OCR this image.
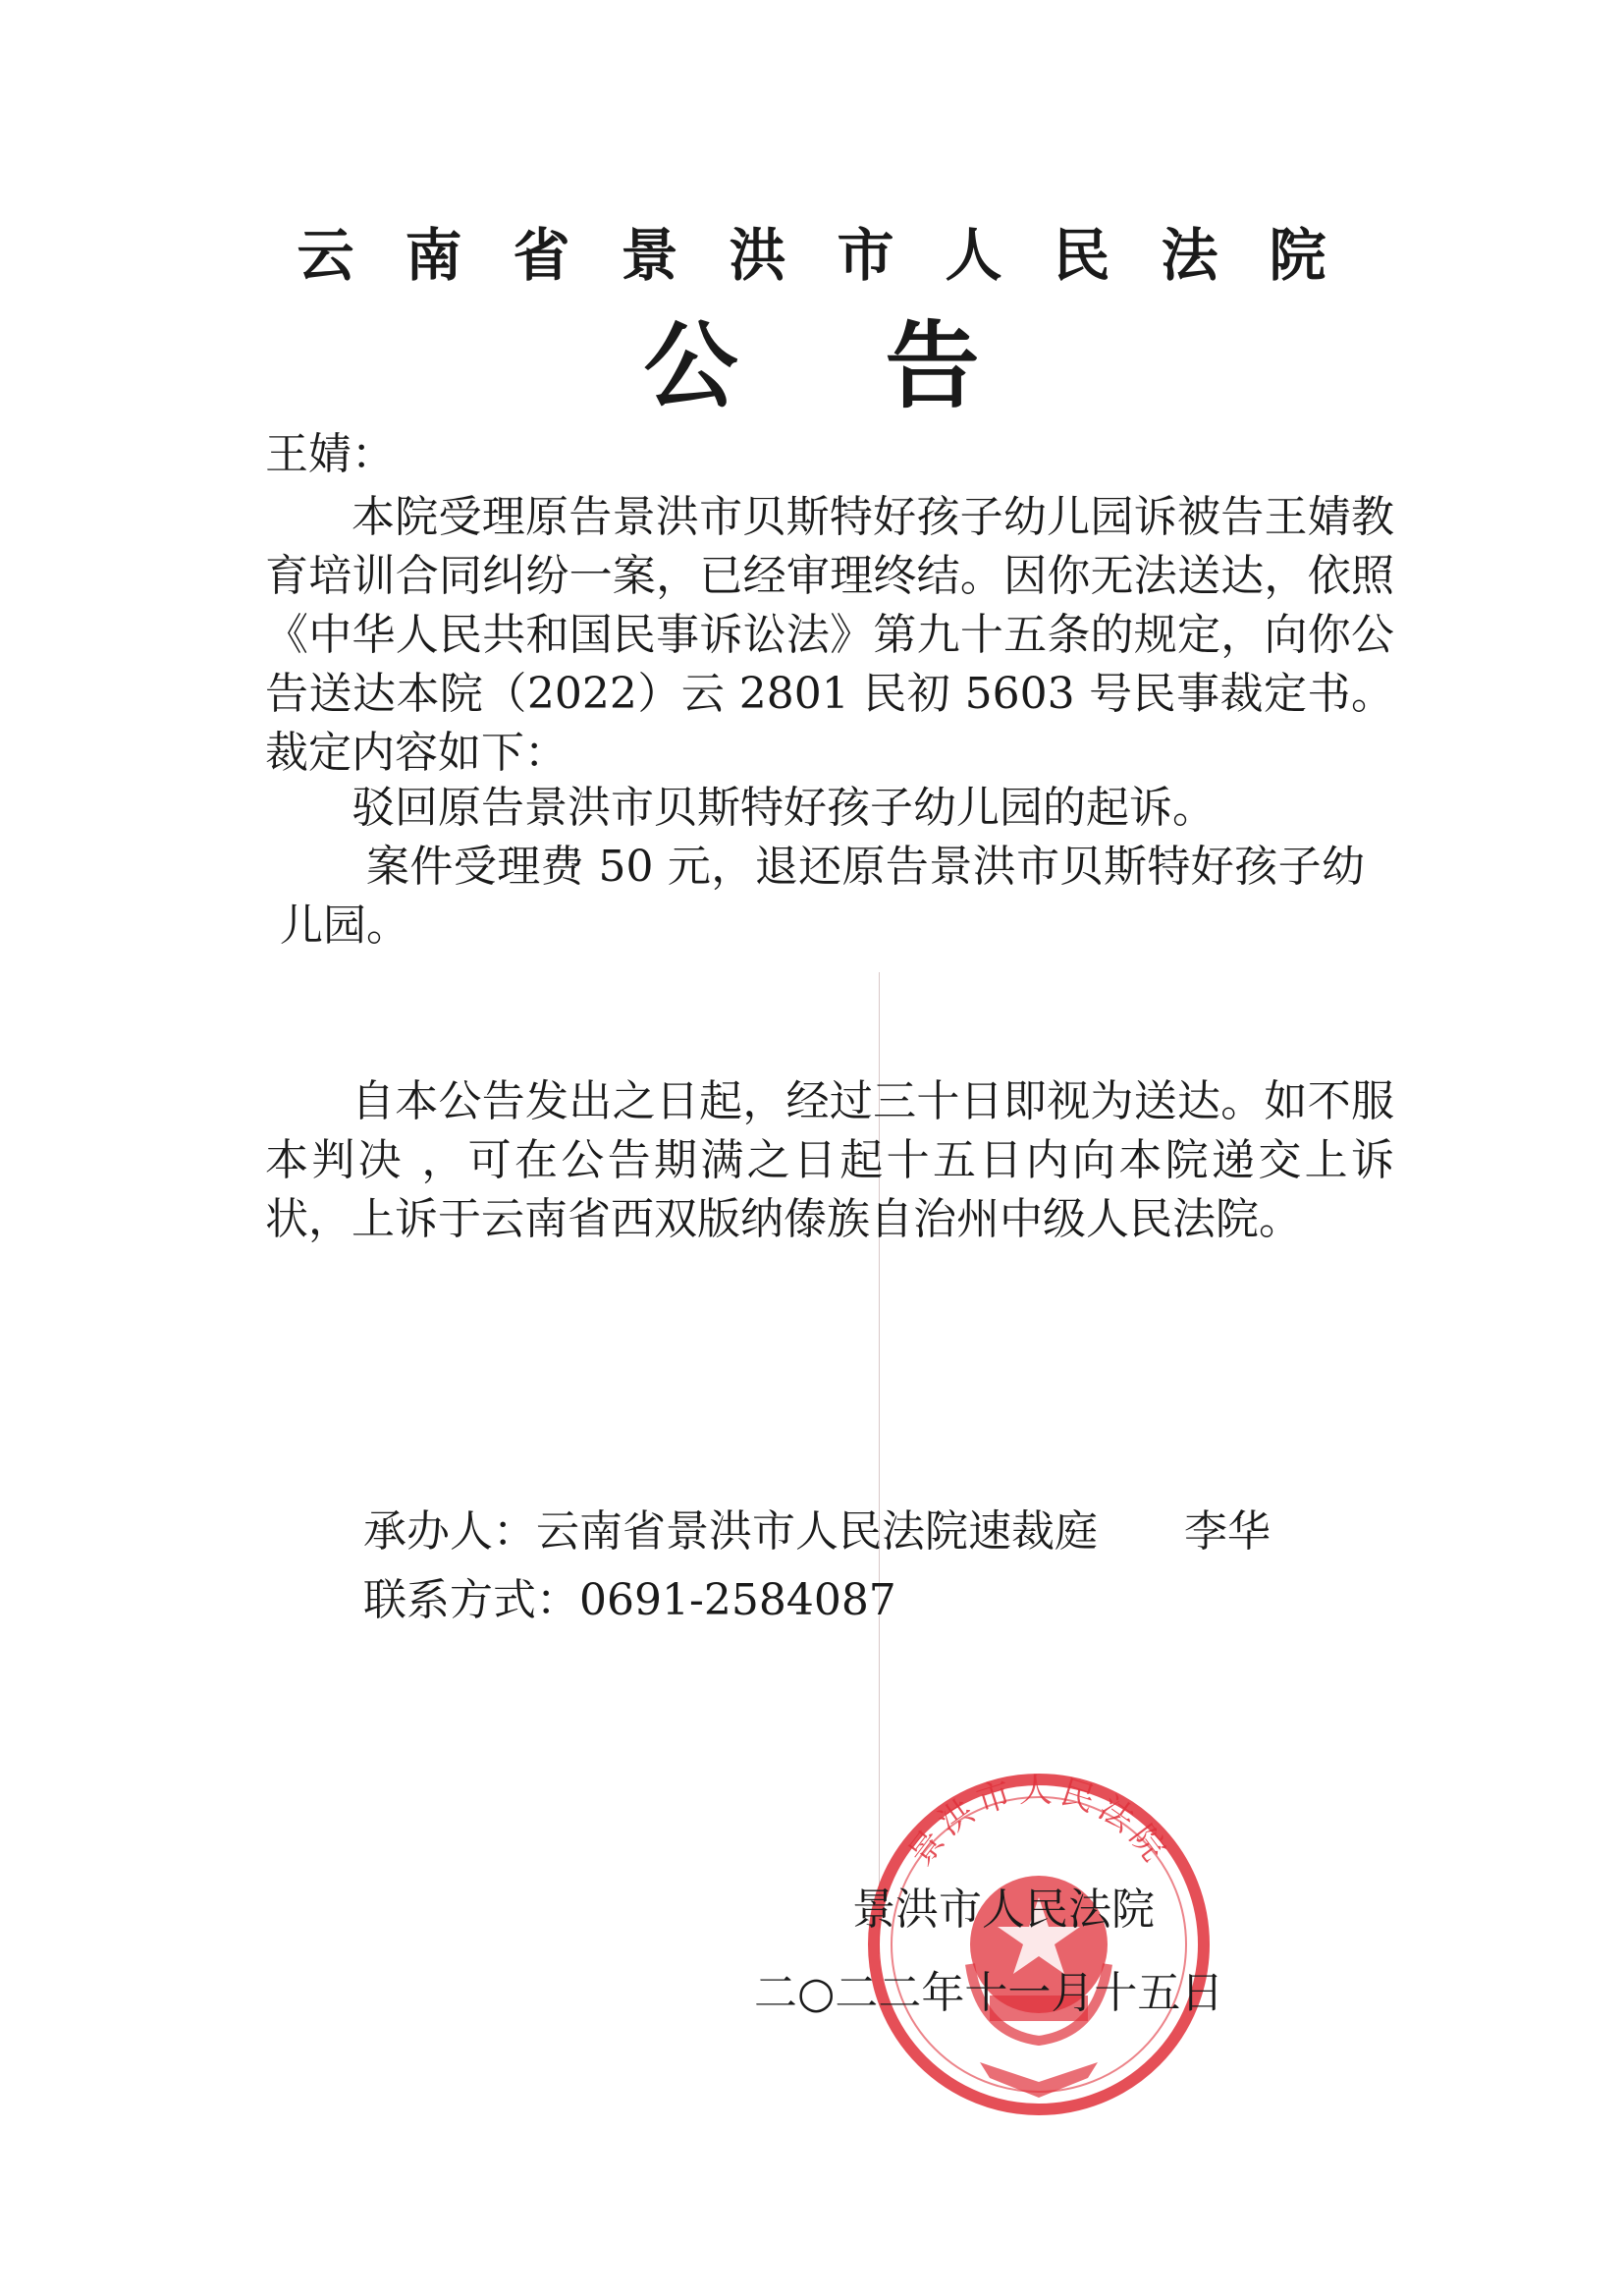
云南省景洪市人民法院
公告
王婧：
本院受理原告景洪市贝斯特好孩子幼儿园诉被告王婧教育培训合同纠纷一案，已经审理终结。因你无法送达，依照《中华人民共和国民事诉讼法》第九十五条的规定，向你公告送达本院（2022）云 2801 民初 5603 号民事裁定书。裁定内容如下：
驳回原告景洪市贝斯特好孩子幼儿园的起诉。
案件受理费 50 元，退还原告景洪市贝斯特好孩子幼儿园。
自本公告发出之日起，经过三十日即视为送达。如不服本判决 ，可在公告期满之日起十五日内向本院递交上诉状，上诉于云南省西双版纳傣族自治州中级人民法院。
承办人：云南省景洪市人民法院速裁庭　　李华
联系方式：0691-2584087
景洪市人民法院
景洪市人民法院
二○二二年十一月十五日
